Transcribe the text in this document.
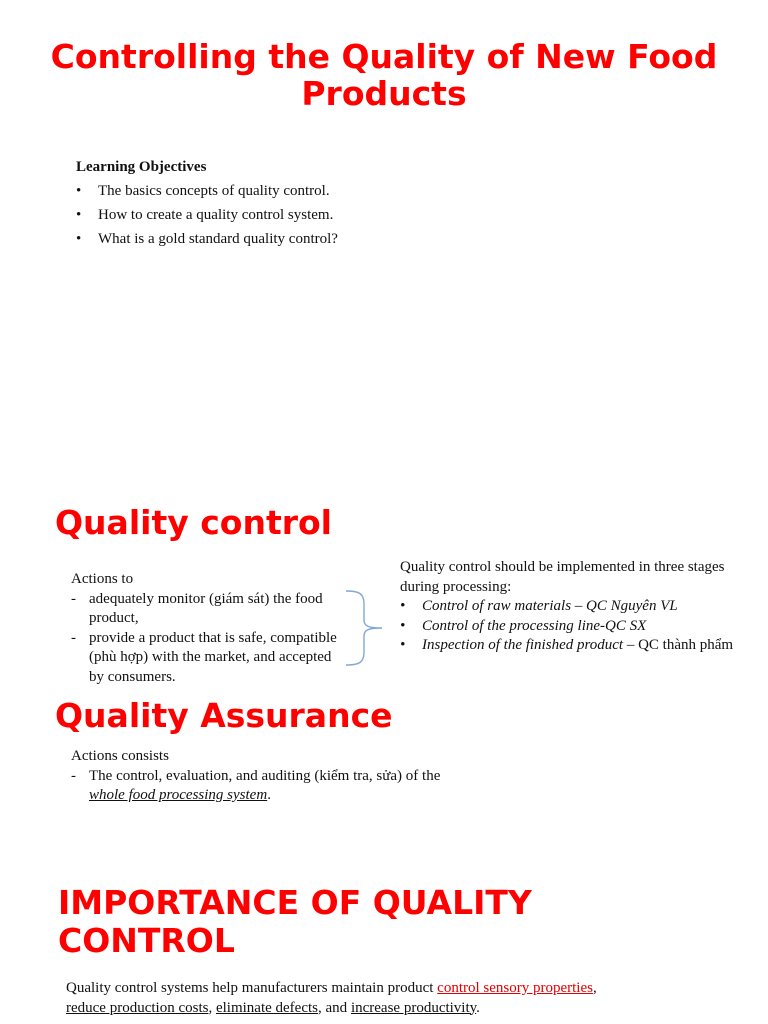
Controlling the Quality of New Food Products
Learning Objectives
• The basics concepts of quality control.
• How to create a quality control system.
• What is a gold standard quality control?
Quality control
Actions to
- adequately monitor (giám sát) the food product,
- provide a product that is safe, compatible (phù hợp) with the market, and accepted by consumers.
Quality control should be implemented in three stages during processing:
• Control of raw materials – QC Nguyên VL
• Control of the processing line-QC SX
• Inspection of the finished product – QC thành phẩm
Quality Assurance
Actions consists
- The control, evaluation, and auditing (kiểm tra, sửa) of the whole food processing system.
IMPORTANCE OF QUALITY CONTROL
Quality control systems help manufacturers maintain product control sensory properties,
reduce production costs, eliminate defects, and increase productivity.
